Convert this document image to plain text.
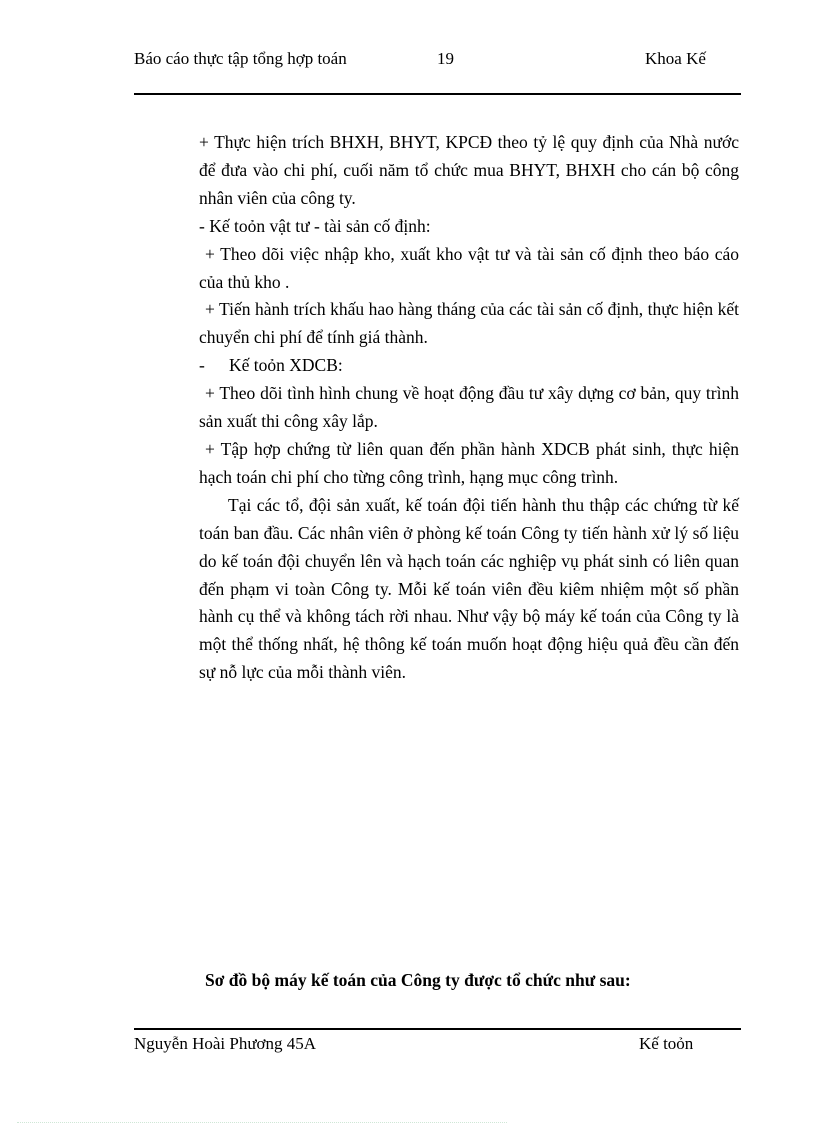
Báo cáo thực tập tổng hợp toán	19	Khoa Kế

+ Thực hiện trích BHXH, BHYT, KPCĐ theo tỷ lệ quy định của Nhà nước để đưa vào chi phí, cuối năm tổ chức mua BHYT, BHXH cho cán bộ công nhân viên của công ty.

- Kế toỏn vật tư - tài sản cố định:

+ Theo dõi việc nhập kho, xuất kho vật tư và tài sản cố định theo báo cáo của thủ kho .

+ Tiến hành trích khấu hao hàng tháng của các tài sản cố định, thực hiện kết chuyển chi phí để tính giá thành.

-	Kế toỏn XDCB:

+ Theo dõi tình hình chung về hoạt động đầu tư xây dựng cơ bản, quy trình sản xuất thi công xây lắp.

+ Tập hợp chứng từ liên quan đến phần hành XDCB phát sinh, thực hiện hạch toán chi phí cho từng công trình, hạng mục công trình.

Tại các tổ, đội sản xuất, kế toán đội tiến hành thu thập các chứng từ kế toán ban đầu. Các nhân viên ở phòng kế toán Công ty tiến hành xử lý số liệu do kế toán đội chuyển lên và hạch toán các nghiệp vụ phát sinh có liên quan đến phạm vi toàn Công ty. Mỗi kế toán viên đều kiêm nhiệm một số phần hành cụ thể và không tách rời nhau. Như vậy bộ máy kế toán của Công ty là một thể thống nhất, hệ thông kế toán muốn hoạt động hiệu quả đều cần đến sự nỗ lực của mỗi thành viên.

Sơ đồ bộ máy kế toán của Công ty được tổ chức như sau:
Nguyễn Hoài Phương 45A	Kế toỏn
